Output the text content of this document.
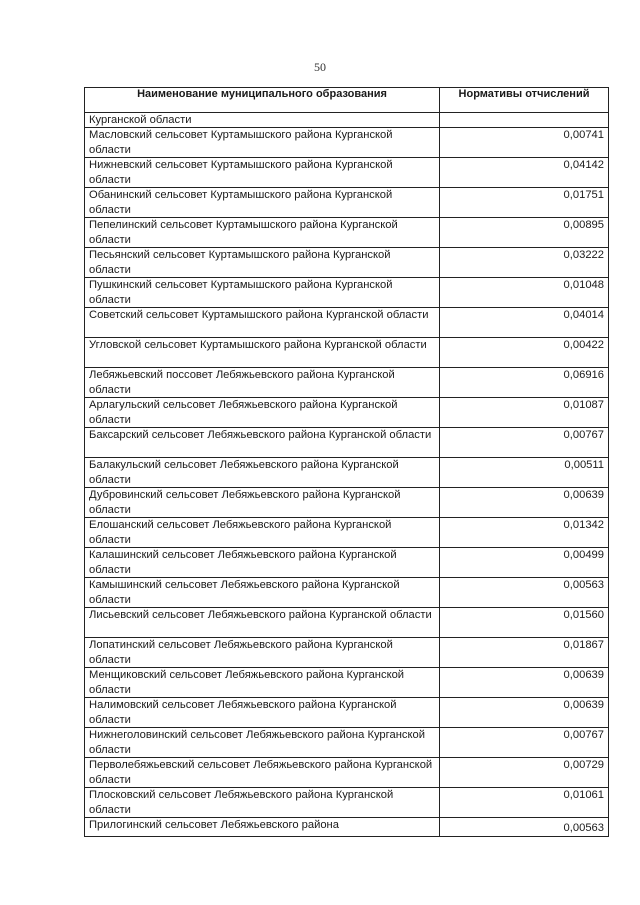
50
Наименование муниципального образования	Нормативы отчислений
Курганской области	
Масловский сельсовет Куртамышского района Курганской области	0,00741
Нижневский сельсовет Куртамышского района Курганской области	0,04142
Обанинский сельсовет Куртамышского района Курганской области	0,01751
Пепелинский сельсовет Куртамышского района Курганской области	0,00895
Песьянский сельсовет Куртамышского района Курганской области	0,03222
Пушкинский сельсовет Куртамышского района Курганской области	0,01048
Советский сельсовет Куртамышского района Курганской области	0,04014
Угловской сельсовет Куртамышского района Курганской области	0,00422
Лебяжьевский поссовет Лебяжьевского района Курганской области	0,06916
Арлагульский сельсовет Лебяжьевского района Курганской области	0,01087
Баксарский сельсовет Лебяжьевского района Курганской области	0,00767
Балакульский сельсовет Лебяжьевского района Курганской области	0,00511
Дубровинский сельсовет Лебяжьевского района Курганской области	0,00639
Елошанский сельсовет Лебяжьевского района Курганской области	0,01342
Калашинский сельсовет Лебяжьевского района Курганской области	0,00499
Камышинский сельсовет Лебяжьевского района Курганской области	0,00563
Лисьевский сельсовет Лебяжьевского района Курганской области	0,01560
Лопатинский сельсовет Лебяжьевского района Курганской области	0,01867
Менщиковский сельсовет Лебяжьевского района Курганской области	0,00639
Налимовский сельсовет Лебяжьевского района Курганской области	0,00639
Нижнеголовинский сельсовет Лебяжьевского района Курганской области	0,00767
Перволебяжьевский сельсовет Лебяжьевского района Курганской области	0,00729
Плосковский сельсовет Лебяжьевского района Курганской области	0,01061
Прилогинский сельсовет Лебяжьевского района	0,00563
